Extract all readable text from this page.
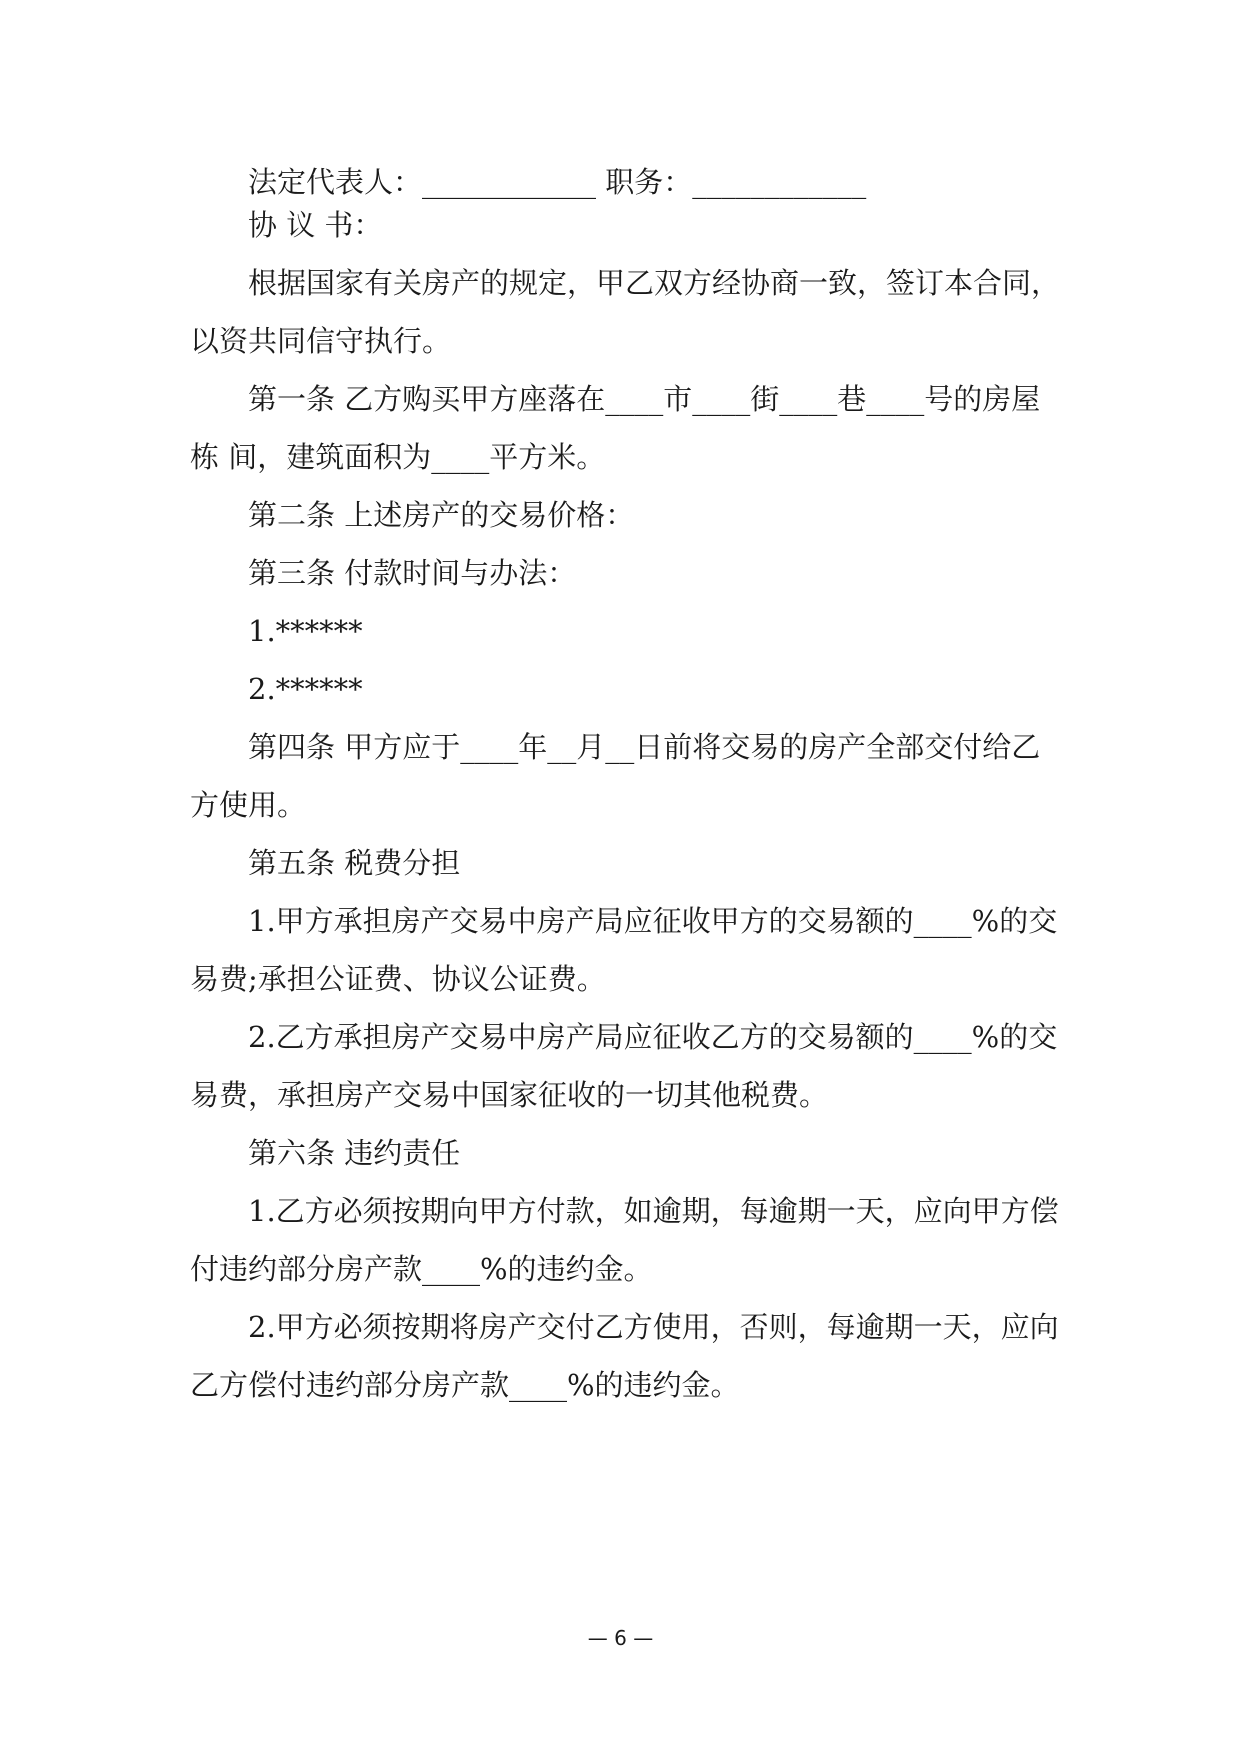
法定代表人：____________ 职务：____________
协 议 书：
根据国家有关房产的规定，甲乙双方经协商一致，签订本合同，
以资共同信守执行。
第一条 乙方购买甲方座落在____市____街____巷____号的房屋
栋 间，建筑面积为____平方米。
第二条 上述房产的交易价格：
第三条 付款时间与办法：
1.******
2.******
第四条 甲方应于____年__月__日前将交易的房产全部交付给乙
方使用。
第五条 税费分担
1.甲方承担房产交易中房产局应征收甲方的交易额的____%的交
易费;承担公证费、协议公证费。
2.乙方承担房产交易中房产局应征收乙方的交易额的____%的交
易费，承担房产交易中国家征收的一切其他税费。
第六条 违约责任
1.乙方必须按期向甲方付款，如逾期，每逾期一天，应向甲方偿
付违约部分房产款____%的违约金。
2.甲方必须按期将房产交付乙方使用，否则，每逾期一天，应向
乙方偿付违约部分房产款____%的违约金。
— 6 —
